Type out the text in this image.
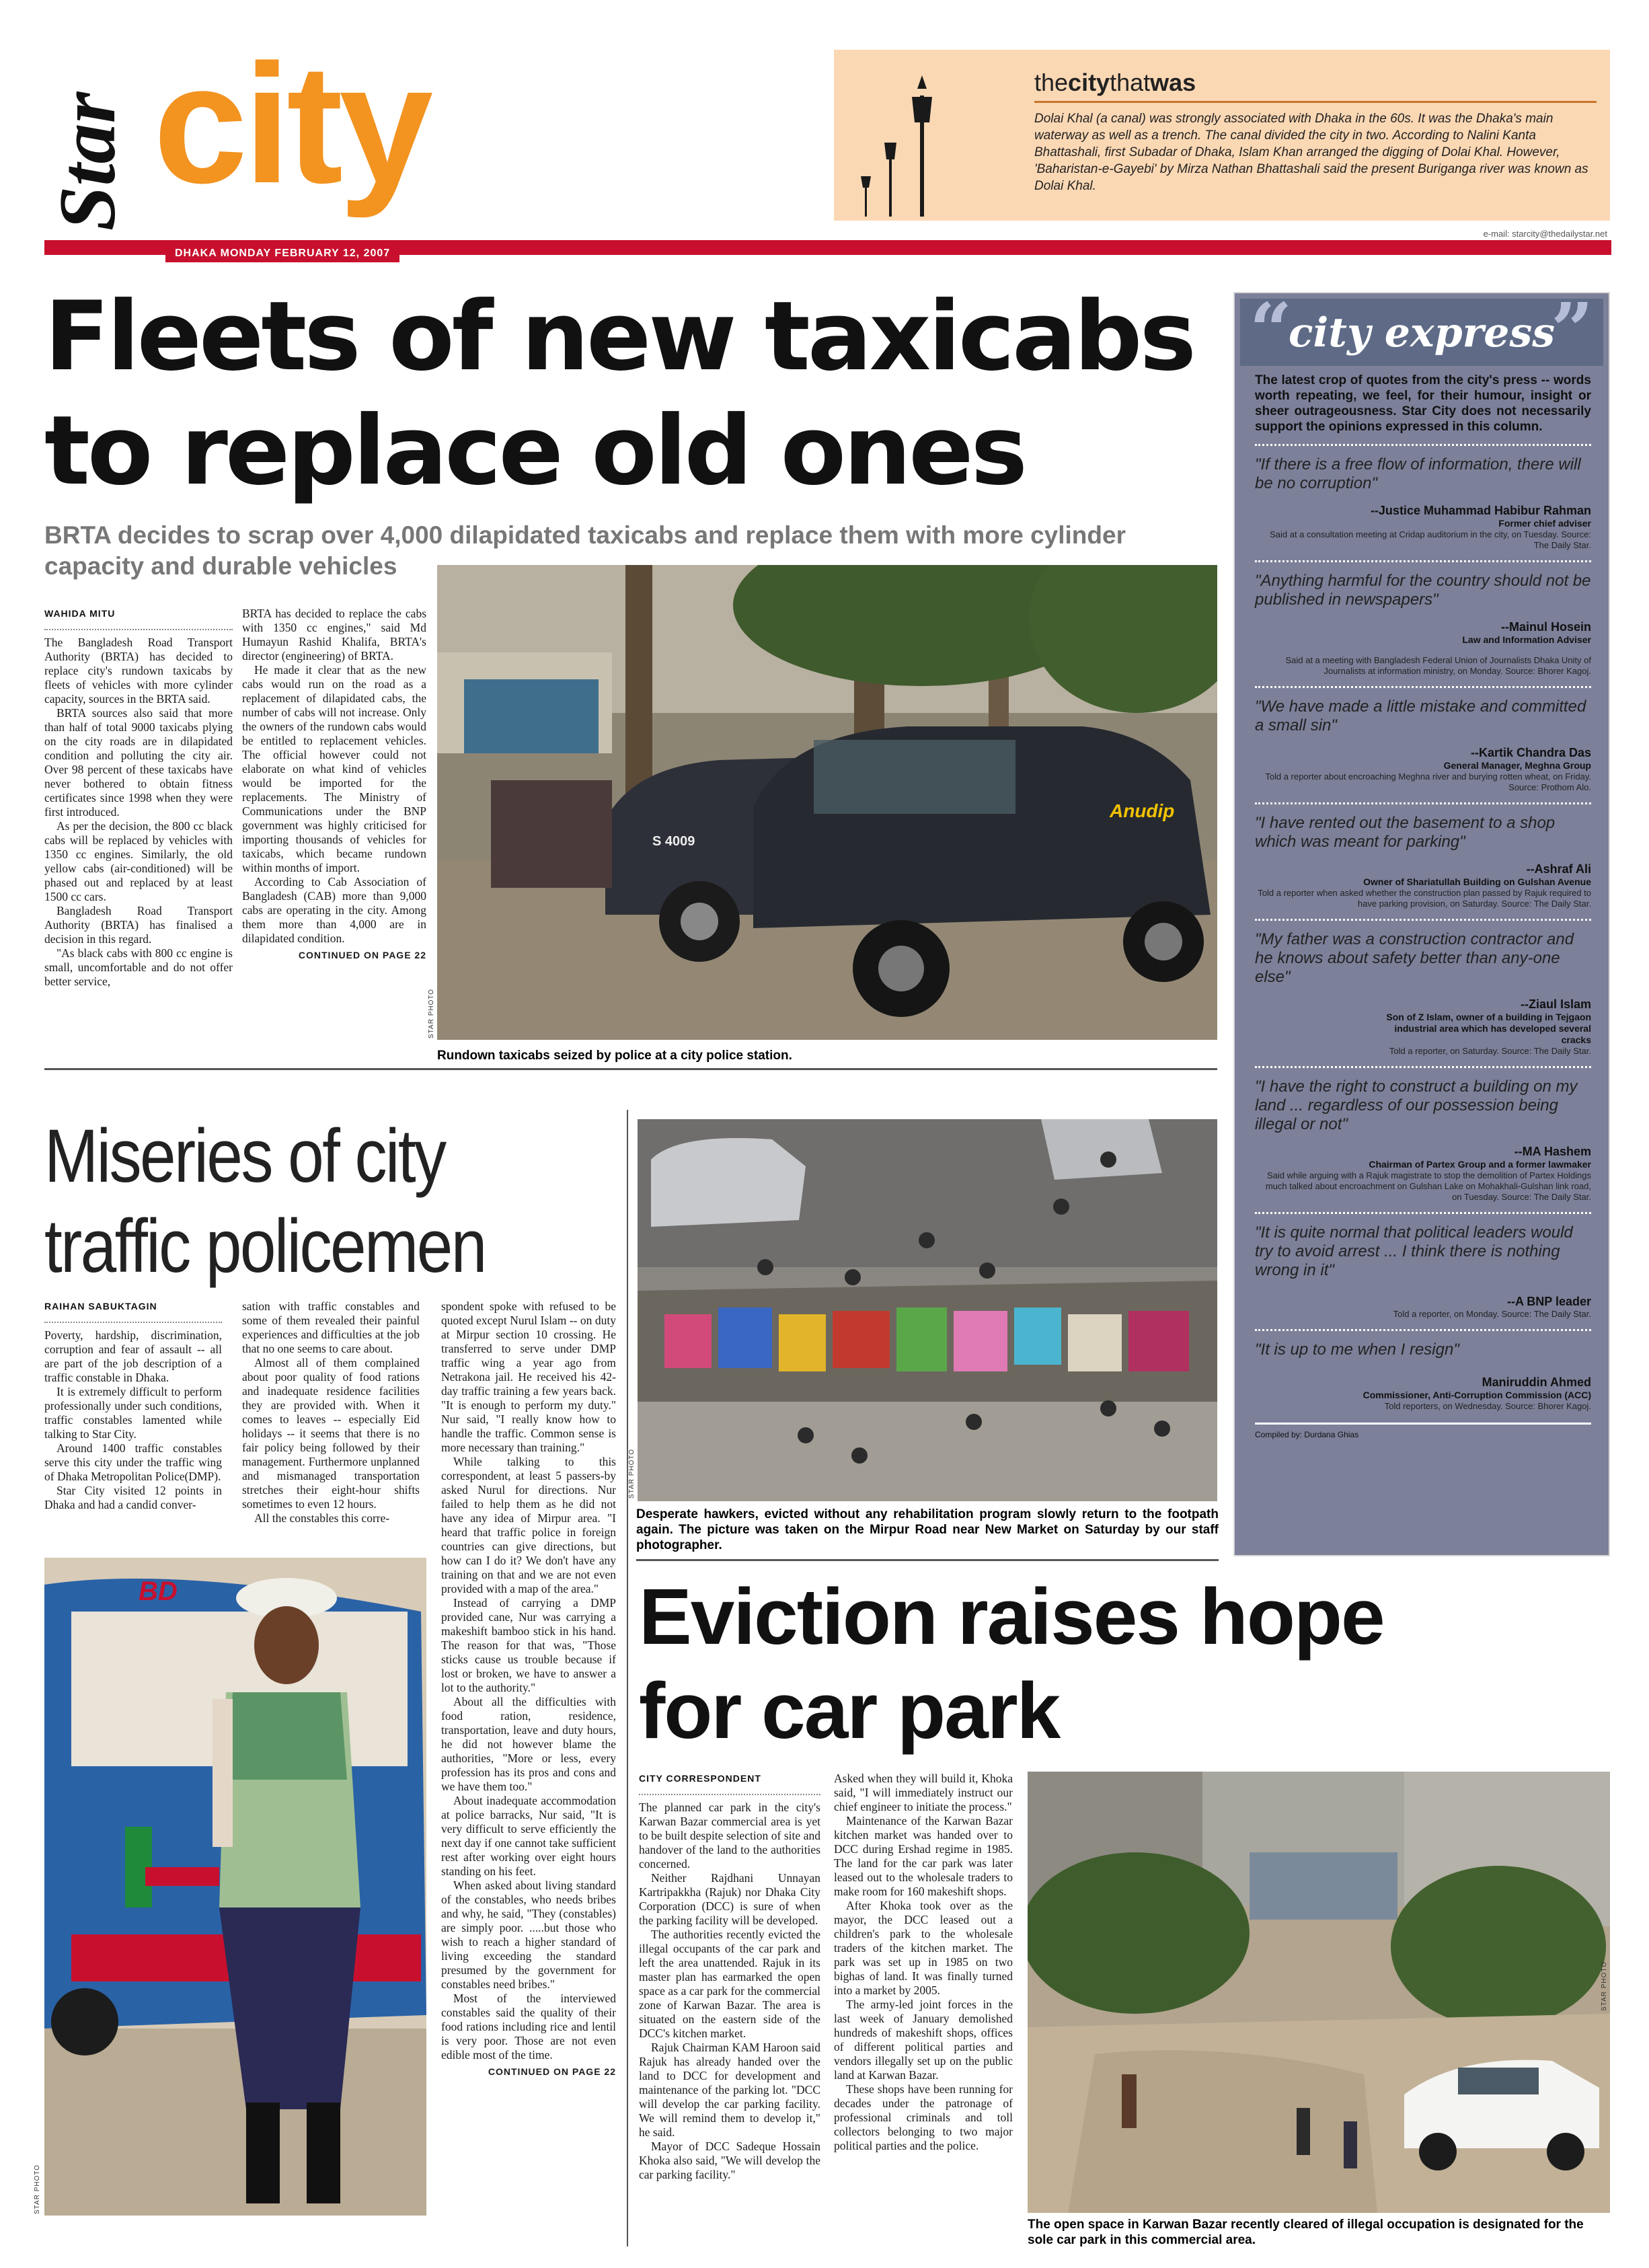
Star city
DHAKA MONDAY FEBRUARY 12, 2007
e-mail: starcity@thedailystar.net
thecitythatwas
Dolai Khal (a canal) was strongly associated with Dhaka in the 60s. It was the Dhaka's main waterway as well as a trench. The canal divided the city in two. According to Nalini Kanta Bhattashali, first Subadar of Dhaka, Islam Khan arranged the digging of Dolai Khal. However, 'Baharistan-e-Gayebi' by Mirza Nathan Bhattashali said the present Buriganga river was known as Dolai Khal.
Fleets of new taxicabs
to replace old ones
BRTA decides to scrap over 4,000 dilapidated taxicabs and replace them with more cylinder capacity and durable vehicles
WAHIDA MITU

The Bangladesh Road Transport Authority (BRTA) has decided to replace city's rundown taxicabs by fleets of vehicles with more cylinder capacity, sources in the BRTA said.

BRTA sources also said that more than half of total 9000 taxicabs plying on the city roads are in dilapidated condition and polluting the city air. Over 98 percent of these taxicabs have never bothered to obtain fitness certificates since 1998 when they were first introduced.

As per the decision, the 800 cc black cabs will be replaced by vehicles with 1350 cc engines. Similarly, the old yellow cabs (air-conditioned) will be phased out and replaced by at least 1500 cc cars.

Bangladesh Road Transport Authority (BRTA) has finalised a decision in this regard.

"As black cabs with 800 cc engine is small, uncomfortable and do not offer better service,

BRTA has decided to replace the cabs with 1350 cc engines," said Md Humayun Rashid Khalifa, BRTA's director (engineering) of BRTA.

He made it clear that as the new cabs would run on the road as a replacement of dilapidated cabs, the number of cabs will not increase. Only the owners of the rundown cabs would be entitled to replacement vehicles. The official however could not elaborate on what kind of vehicles would be imported for the replacements. The Ministry of Communications under the BNP government was highly criticised for importing thousands of vehicles for taxicabs, which became rundown within months of import.

According to Cab Association of Bangladesh (CAB) more than 9,000 cabs are operating in the city. Among them more than 4,000 are in dilapidated condition.

CONTINUED ON PAGE 22
S 4009
Anudip
STAR PHOTO
Rundown taxicabs seized by police at a city police station.
Miseries of city
traffic policemen
RAIHAN SABUKTAGIN

Poverty, hardship, discrimination, corruption and fear of assault -- all are part of the job description of a traffic constable in Dhaka.

It is extremely difficult to perform professionally under such conditions, traffic constables lamented while talking to Star City.

Around 1400 traffic constables serve this city under the traffic wing of Dhaka Metropolitan Police(DMP).

Star City visited 12 points in Dhaka and had a candid conver-

sation with traffic constables and some of them revealed their painful experiences and difficulties at the job that no one seems to care about.

Almost all of them complained about poor quality of food rations and inadequate residence facilities they are provided with. When it comes to leaves -- especially Eid holidays -- it seems that there is no fair policy being followed by their management. Furthermore unplanned and mismanaged transportation stretches their eight-hour shifts sometimes to even 12 hours.

All the constables this corre-

spondent spoke with refused to be quoted except Nurul Islam -- on duty at Mirpur section 10 crossing. He transferred to serve under DMP traffic wing a year ago from Netrakona jail. He received his 42-day traffic training a few years back. "It is enough to perform my duty." Nur said, "I really know how to handle the traffic. Common sense is more necessary than training."

While talking to this correspondent, at least 5 passers-by asked Nurul for directions. Nur failed to help them as he did not have any idea of Mirpur area. "I heard that traffic police in foreign countries can give directions, but how can I do it? We don't have any training on that and we are not even provided with a map of the area."

Instead of carrying a DMP provided cane, Nur was carrying a makeshift bamboo stick in his hand. The reason for that was, "Those sticks cause us trouble because if lost or broken, we have to answer a lot to the authority."

About all the difficulties with food ration, residence, transportation, leave and duty hours, he did not however blame the authorities, "More or less, every profession has its pros and cons and we have them too."

About inadequate accommodation at police barracks, Nur said, "It is very difficult to serve efficiently the next day if one cannot take sufficient rest after working over eight hours standing on his feet.

When asked about living standard of the constables, who needs bribes and why, he said, "They (constables) are simply poor. .....but those who wish to reach a higher standard of living exceeding the standard presumed by the government for constables need bribes."

Most of the interviewed constables said the quality of their food rations including rice and lentil is very poor. Those are not even edible most of the time.

CONTINUED ON PAGE 22
BD
STAR PHOTO
STAR PHOTO
Desperate hawkers, evicted without any rehabilitation program slowly return to the footpath again. The picture was taken on the Mirpur Road near New Market on Saturday by our staff photographer.
Eviction raises hope
for car park
CITY CORRESPONDENT

The planned car park in the city's Karwan Bazar commercial area is yet to be built despite selection of site and handover of the land to the authorities concerned.

Neither Rajdhani Unnayan Kartripakkha (Rajuk) nor Dhaka City Corporation (DCC) is sure of when the parking facility will be developed.

The authorities recently evicted the illegal occupants of the car park and left the area unattended. Rajuk in its master plan has earmarked the open space as a car park for the commercial zone of Karwan Bazar. The area is situated on the eastern side of the DCC's kitchen market.

Rajuk Chairman KAM Haroon said Rajuk has already handed over the land to DCC for development and maintenance of the parking lot. "DCC will develop the car parking facility. We will remind them to develop it," he said.

Mayor of DCC Sadeque Hossain Khoka also said, "We will develop the car parking facility."

Asked when they will build it, Khoka said, "I will immediately instruct our chief engineer to initiate the process."

Maintenance of the Karwan Bazar kitchen market was handed over to DCC during Ershad regime in 1985. The land for the car park was later leased out to the wholesale traders to make room for 160 makeshift shops.

After Khoka took over as the mayor, the DCC leased out a children's park to the wholesale traders of the kitchen market. The park was set up in 1985 on two bighas of land. It was finally turned into a market by 2005.

The army-led joint forces in the last week of January demolished hundreds of makeshift shops, offices of different political parties and vendors illegally set up on the public land at Karwan Bazar.

These shops have been running for decades under the patronage of professional criminals and toll collectors belonging to two major political parties and the police.

STAR PHOTO
The open space in Karwan Bazar recently cleared of illegal occupation is designated for the sole car park in this commercial area.
“	”
city express
The latest crop of quotes from the city's press -- words worth repeating, we feel, for their humour, insight or sheer outrageousness. Star City does not necessarily support the opinions expressed in this column.
"If there is a free flow of information, there will be no corruption"
--Justice Muhammad Habibur Rahman
Former chief adviser
Said at a consultation meeting at Cridap auditorium in the city, on Tuesday. Source: The Daily Star.
"Anything harmful for the country should not be published in newspapers"
--Mainul Hosein
Law and Information Adviser
Said at a meeting with Bangladesh Federal Union of Journalists Dhaka Unity of Journalists at information ministry, on Monday. Source: Bhorer Kagoj.
"We have made a little mistake and committed a small sin"
--Kartik Chandra Das
General Manager, Meghna Group
Told a reporter about encroaching Meghna river and burying rotten wheat, on Friday. Source: Prothom Alo.
"I have rented out the basement to a shop which was meant for parking"
--Ashraf Ali
Owner of Shariatullah Building on Gulshan Avenue
Told a reporter when asked whether the construction plan passed by Rajuk required to have parking provision, on Saturday. Source: The Daily Star.
"My father was a construction contractor and he knows about safety better than any-one else"
--Ziaul Islam
Son of Z Islam, owner of a building in Tejgaon industrial area which has developed several cracks
Told a reporter, on Saturday. Source: The Daily Star.
"I have the right to construct a building on my land ... regardless of our possession being illegal or not"
--MA Hashem
Chairman of Partex Group and a former lawmaker
Said while arguing with a Rajuk magistrate to stop the demolition of Partex Holdings much talked about encroachment on Gulshan Lake on Mohakhali-Gulshan link road, on Tuesday. Source: The Daily Star.
"It is quite normal that political leaders would try to avoid arrest ... I think there is nothing wrong in it"
--A BNP leader
Told a reporter, on Monday. Source: The Daily Star.
"It is up to me when I resign"
Maniruddin Ahmed
Commissioner, Anti-Corruption Commission (ACC)
Told reporters, on Wednesday. Source: Bhorer Kagoj.
Compiled by: Durdana Ghias
